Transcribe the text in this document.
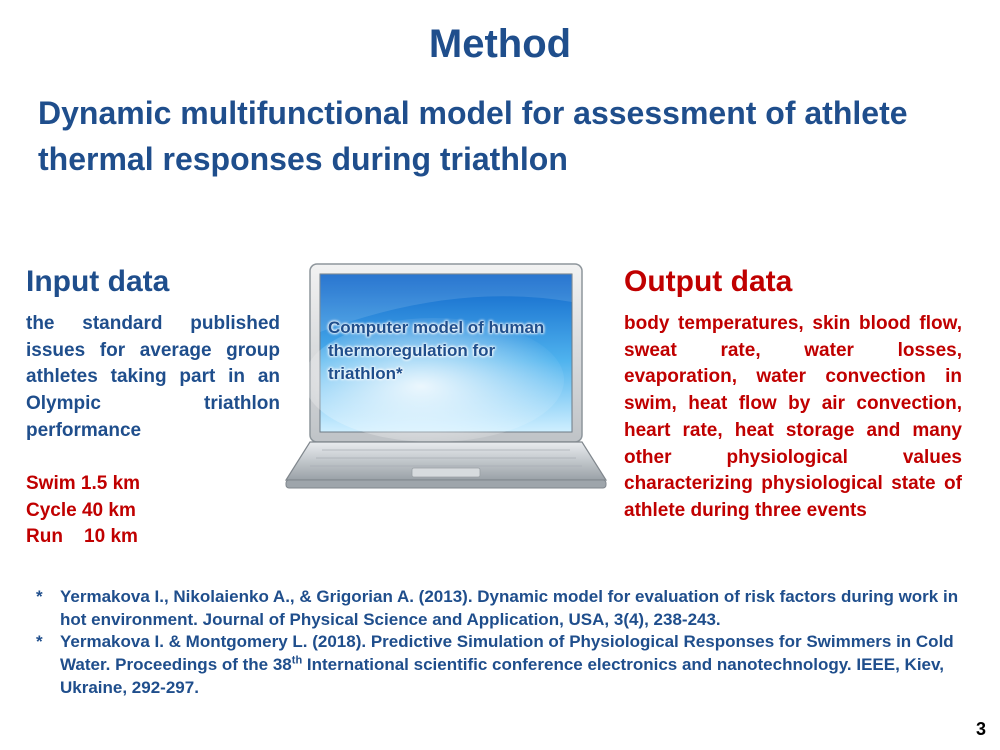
Method
Dynamic multifunctional model for assessment of athlete thermal responses during triathlon
Input data
the standard published issues for average group athletes taking part in an Olympic triathlon performance
Swim 1.5 km
Cycle 40 km
Run    10 km
Computer model of human thermoregulation for triathlon*
Output data
body temperatures, skin blood flow, sweat rate, water losses, evaporation, water convection in swim, heat flow by air convection, heart rate, heat storage and many other physiological values characterizing physiological state of athlete during three events
* Yermakova I., Nikolaienko A., & Grigorian A. (2013). Dynamic model for evaluation of risk factors during work in hot environment. Journal of Physical Science and Application, USA, 3(4), 238-243.
* Yermakova I. & Montgomery L. (2018). Predictive Simulation of Physiological Responses for Swimmers in Cold Water. Proceedings of the 38th International scientific conference electronics and nanotechnology. IEEE, Kiev, Ukraine, 292-297.
3
